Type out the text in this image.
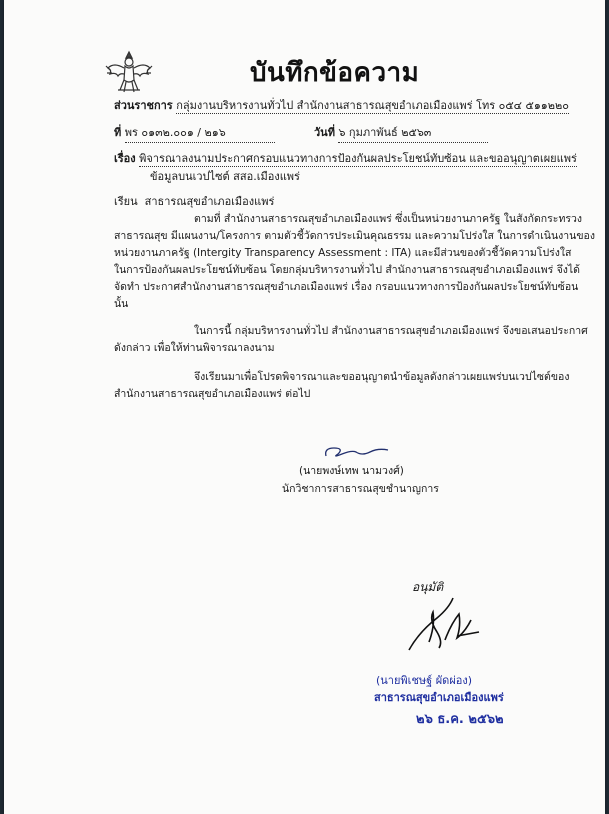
บันทึกข้อความ
ส่วนราชการ กลุ่มงานบริหารงานทั่วไป สำนักงานสาธารณสุขอำเภอเมืองแพร่ โทร ๐๕๔ ๕๑๑๒๒๐
ที่ พร ๐๑๓๒.๐๐๑ / ๒๑๖	วันที่ ๖ กุมภาพันธ์ ๒๕๖๓
เรื่อง พิจารณาลงนามประกาศกรอบแนวทางการป้องกันผลประโยชน์ทับซ้อน และขออนุญาตเผยแพร่
ข้อมูลบนเวปไซต์ สสอ.เมืองแพร่
เรียน สาธารณสุขอำเภอเมืองแพร่
ตามที่ สำนักงานสาธารณสุขอำเภอเมืองแพร่ ซึ่งเป็นหน่วยงานภาครัฐ ในสังกัดกระทรวง
สาธารณสุข มีแผนงาน/โครงการ ตามตัวชี้วัดการประเมินคุณธรรม และความโปร่งใส ในการดำเนินงานของ
หน่วยงานภาครัฐ (Intergity Transparency Assessment : ITA) และมีส่วนของตัวชี้วัดความโปร่งใส
ในการป้องกันผลประโยชน์ทับซ้อน โดยกลุ่มบริหารงานทั่วไป สำนักงานสาธารณสุขอำเภอเมืองแพร่ จึงได้
จัดทำ ประกาศสำนักงานสาธารณสุขอำเภอเมืองแพร่ เรื่อง กรอบแนวทางการป้องกันผลประโยชน์ทับซ้อน
นั้น
ในการนี้ กลุ่มบริหารงานทั่วไป สำนักงานสาธารณสุขอำเภอเมืองแพร่ จึงขอเสนอประกาศ
ดังกล่าว เพื่อให้ท่านพิจารณาลงนาม
จึงเรียนมาเพื่อโปรดพิจารณาและขออนุญาตนำข้อมูลดังกล่าวเผยแพร่บนเวปไซต์ของ
สำนักงานสาธารณสุขอำเภอเมืองแพร่ ต่อไป
(นายพงษ์เทพ นามวงศ์)
นักวิชาการสาธารณสุขชำนาญการ
อนุมัติ
(นายพิเชษฐ์ ผัดผ่อง)
สาธารณสุขอำเภอเมืองแพร่
๒๖ ธ.ค. ๒๕๖๒
